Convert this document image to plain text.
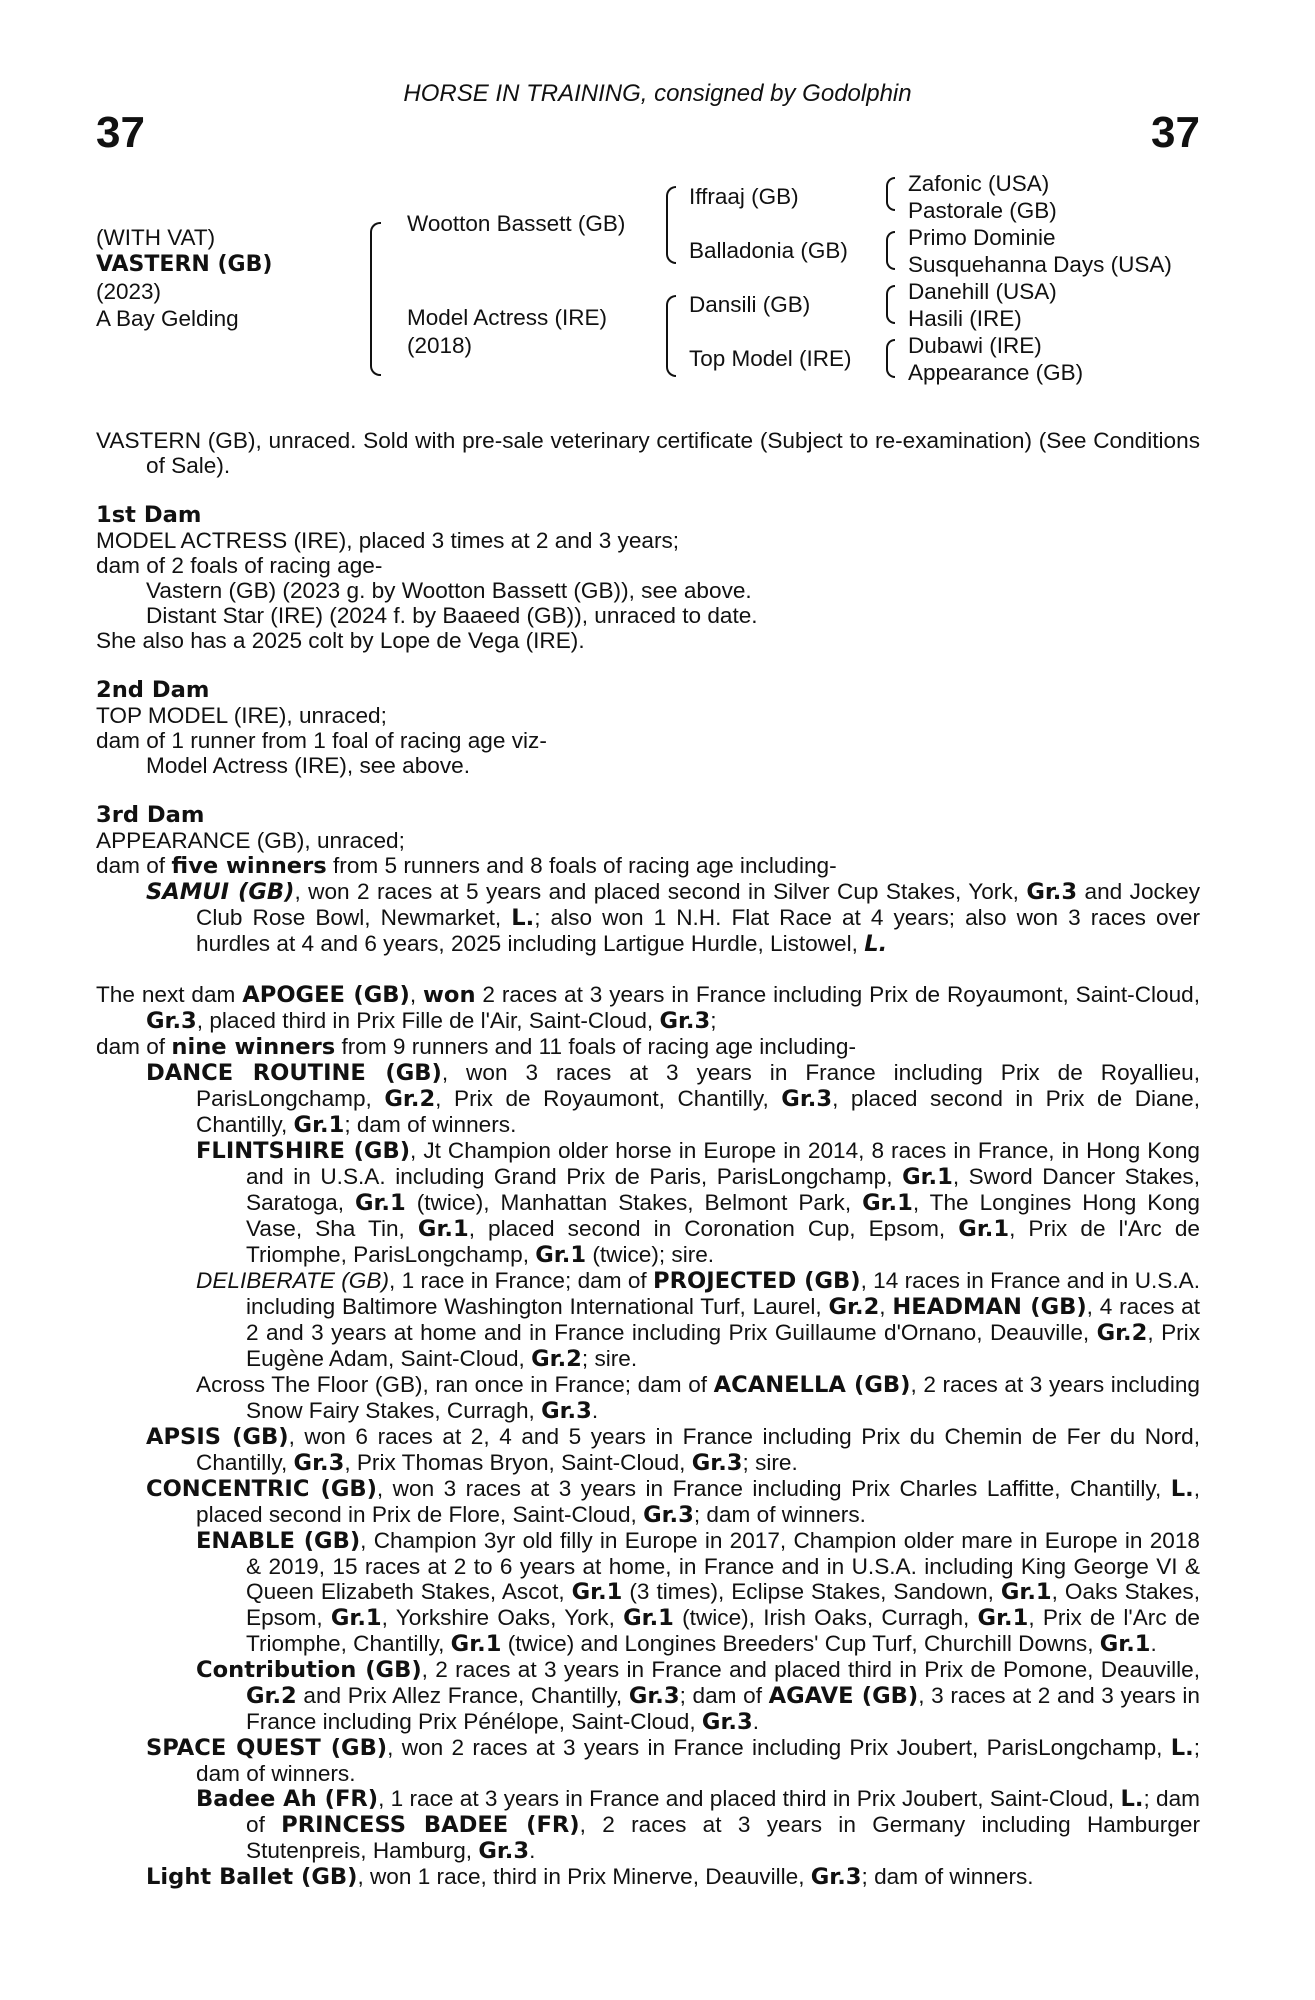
37	37
HORSE IN TRAINING, consigned by Godolphin
(WITH VAT)
VASTERN (GB)
(2023)
A Bay Gelding
Wootton Bassett (GB)
Model Actress (IRE)
(2018)
Iffraaj (GB)
Balladonia (GB)
Dansili (GB)
Top Model (IRE)
Zafonic (USA)
Pastorale (GB)
Primo Dominie
Susquehanna Days (USA)
Danehill (USA)
Hasili (IRE)
Dubawi (IRE)
Appearance (GB)

VASTERN (GB), unraced. Sold with pre-sale veterinary certificate (Subject to re-examination) (See Conditions of Sale).

1st Dam

MODEL ACTRESS (IRE), placed 3 times at 2 and 3 years;

dam of 2 foals of racing age-

Vastern (GB) (2023 g. by Wootton Bassett (GB)), see above.

Distant Star (IRE) (2024 f. by Baaeed (GB)), unraced to date.

She also has a 2025 colt by Lope de Vega (IRE).

2nd Dam

TOP MODEL (IRE), unraced;

dam of 1 runner from 1 foal of racing age viz-

Model Actress (IRE), see above.

3rd Dam

APPEARANCE (GB), unraced;

dam of five winners from 5 runners and 8 foals of racing age including-

SAMUI (GB), won 2 races at 5 years and placed second in Silver Cup Stakes, York, Gr.3 and Jockey Club Rose Bowl, Newmarket, L.; also won 1 N.H. Flat Race at 4 years; also won 3 races over hurdles at 4 and 6 years, 2025 including Lartigue Hurdle, Listowel, L.

The next dam APOGEE (GB), won 2 races at 3 years in France including Prix de Royaumont, Saint-Cloud, Gr.3, placed third in Prix Fille de l'Air, Saint-Cloud, Gr.3;

dam of nine winners from 9 runners and 11 foals of racing age including-

DANCE ROUTINE (GB), won 3 races at 3 years in France including Prix de Royallieu, ParisLongchamp, Gr.2, Prix de Royaumont, Chantilly, Gr.3, placed second in Prix de Diane, Chantilly, Gr.1; dam of winners.

FLINTSHIRE (GB), Jt Champion older horse in Europe in 2014, 8 races in France, in Hong Kong and in U.S.A. including Grand Prix de Paris, ParisLongchamp, Gr.1, Sword Dancer Stakes, Saratoga, Gr.1 (twice), Manhattan Stakes, Belmont Park, Gr.1, The Longines Hong Kong Vase, Sha Tin, Gr.1, placed second in Coronation Cup, Epsom, Gr.1, Prix de l'Arc de Triomphe, ParisLongchamp, Gr.1 (twice); sire.

DELIBERATE (GB), 1 race in France; dam of PROJECTED (GB), 14 races in France and in U.S.A. including Baltimore Washington International Turf, Laurel, Gr.2, HEADMAN (GB), 4 races at 2 and 3 years at home and in France including Prix Guillaume d'Ornano, Deauville, Gr.2, Prix Eugène Adam, Saint-Cloud, Gr.2; sire.

Across The Floor (GB), ran once in France; dam of ACANELLA (GB), 2 races at 3 years including Snow Fairy Stakes, Curragh, Gr.3.

APSIS (GB), won 6 races at 2, 4 and 5 years in France including Prix du Chemin de Fer du Nord, Chantilly, Gr.3, Prix Thomas Bryon, Saint-Cloud, Gr.3; sire.

CONCENTRIC (GB), won 3 races at 3 years in France including Prix Charles Laffitte, Chantilly, L., placed second in Prix de Flore, Saint-Cloud, Gr.3; dam of winners.

ENABLE (GB), Champion 3yr old filly in Europe in 2017, Champion older mare in Europe in 2018 & 2019, 15 races at 2 to 6 years at home, in France and in U.S.A. including King George VI & Queen Elizabeth Stakes, Ascot, Gr.1 (3 times), Eclipse Stakes, Sandown, Gr.1, Oaks Stakes, Epsom, Gr.1, Yorkshire Oaks, York, Gr.1 (twice), Irish Oaks, Curragh, Gr.1, Prix de l'Arc de Triomphe, Chantilly, Gr.1 (twice) and Longines Breeders' Cup Turf, Churchill Downs, Gr.1.

Contribution (GB), 2 races at 3 years in France and placed third in Prix de Pomone, Deauville, Gr.2 and Prix Allez France, Chantilly, Gr.3; dam of AGAVE (GB), 3 races at 2 and 3 years in France including Prix Pénélope, Saint-Cloud, Gr.3.

SPACE QUEST (GB), won 2 races at 3 years in France including Prix Joubert, ParisLongchamp, L.; dam of winners.

Badee Ah (FR), 1 race at 3 years in France and placed third in Prix Joubert, Saint-Cloud, L.; dam of PRINCESS BADEE (FR), 2 races at 3 years in Germany including Hamburger Stutenpreis, Hamburg, Gr.3.

Light Ballet (GB), won 1 race, third in Prix Minerve, Deauville, Gr.3; dam of winners.
